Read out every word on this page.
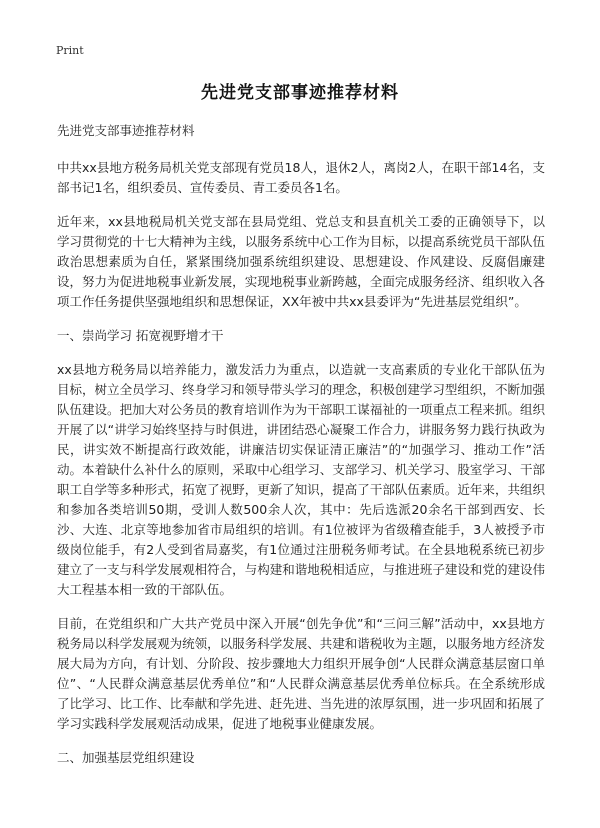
Print
先进党支部事迹推荐材料

先进党支部事迹推荐材料

中共xx县地方税务局机关党支部现有党员18人，退休2人，离岗2人，在职干部14名，支部书记1名，组织委员、宣传委员、青工委员各1名。

近年来，xx县地税局机关党支部在县局党组、党总支和县直机关工委的正确领导下，以学习贯彻党的十七大精神为主线，以服务系统中心工作为目标，以提高系统党员干部队伍政治思想素质为自任，紧紧围绕加强系统组织建设、思想建设、作风建设、反腐倡廉建设，努力为促进地税事业新发展，实现地税事业新跨越，全面完成服务经济、组织收入各项工作任务提供坚强地组织和思想保证，XX年被中共xx县委评为“先进基层党组织”。

一、崇尚学习 拓宽视野增才干

xx县地方税务局以培养能力，激发活力为重点，以造就一支高素质的专业化干部队伍为目标，树立全员学习、终身学习和领导带头学习的理念，积极创建学习型组织，不断加强队伍建设。把加大对公务员的教育培训作为为干部职工谋福祉的一项重点工程来抓。组织开展了以“讲学习始终坚持与时俱进，讲团结恐心凝聚工作合力，讲服务努力践行执政为民，讲实效不断提高行政效能，讲廉洁切实保证清正廉洁”的“加强学习、推动工作”活动。本着缺什么补什么的原则，采取中心组学习、支部学习、机关学习、股室学习、干部职工自学等多种形式，拓宽了视野，更新了知识，提高了干部队伍素质。近年来，共组织和参加各类培训50期，受训人数500余人次，其中：先后选派20余名干部到西安、长沙、大连、北京等地参加省市局组织的培训。有1位被评为省级稽查能手，3人被授予市级岗位能手，有2人受到省局嘉奖，有1位通过注册税务师考试。在全县地税系统已初步建立了一支与科学发展观相符合，与构建和谐地税相适应，与推进班子建设和党的建设伟大工程基本相一致的干部队伍。

目前，在党组织和广大共产党员中深入开展“创先争优”和“三问三解”活动中，xx县地方税务局以科学发展观为统领，以服务科学发展、共建和谐税收为主题，以服务地方经济发展大局为方向，有计划、分阶段、按步骤地大力组织开展争创“人民群众满意基层窗口单位”、“人民群众满意基层优秀单位”和“人民群众满意基层优秀单位标兵。在全系统形成了比学习、比工作、比奉献和学先进、赶先进、当先进的浓厚氛围，进一步巩固和拓展了学习实践科学发展观活动成果，促进了地税事业健康发展。

二、加强基层党组织建设
